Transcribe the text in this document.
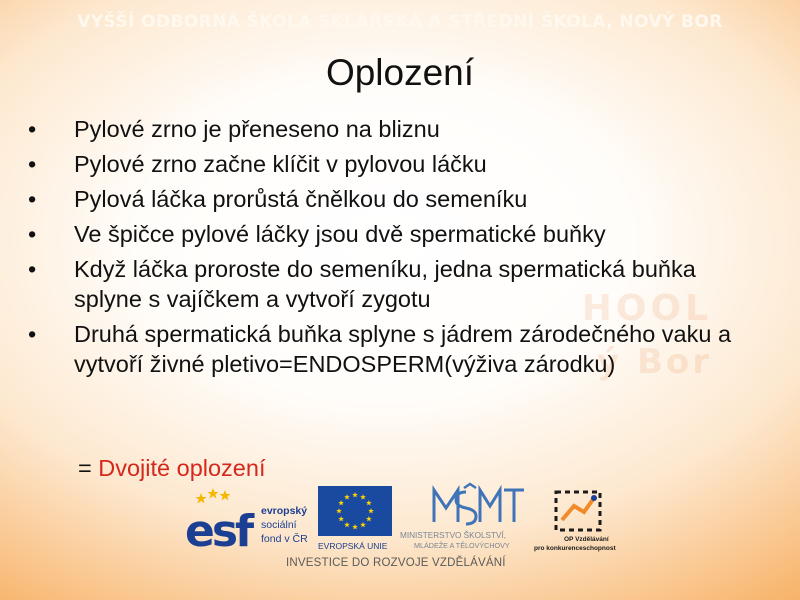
VYŠŠÍ ODBORNÁ ŠKOLA SKLÁŘSKÁ A STŘEDNÍ ŠKOLA, NOVÝ BOR
HOOL
ý Bor
Oplození
• Pylové zrno je přeneseno na bliznu
• Pylové zrno začne klíčit v pylovou láčku
• Pylová láčka prorůstá čnělkou do semeníku
• Ve špičce pylové láčky jsou dvě spermatické buňky
• Když láčka proroste do semeníku, jedna spermatická buňka splyne s vajíčkem a vytvoří zygotu
• Druhá spermatická buňka splyne s jádrem zárodečného vaku a vytvoří živné pletivo=ENDOSPERM(výživa zárodku)
= Dvojité oplození
esf evropský
sociální
fond v ČR
EVROPSKÁ UNIE
MINISTERSTVO ŠKOLSTVÍ,
MLÁDEŽE A TĚLOVÝCHOVY
OP Vzdělávání
pro konkurenceschopnost
INVESTICE DO ROZVOJE VZDĚLÁVÁNÍ
